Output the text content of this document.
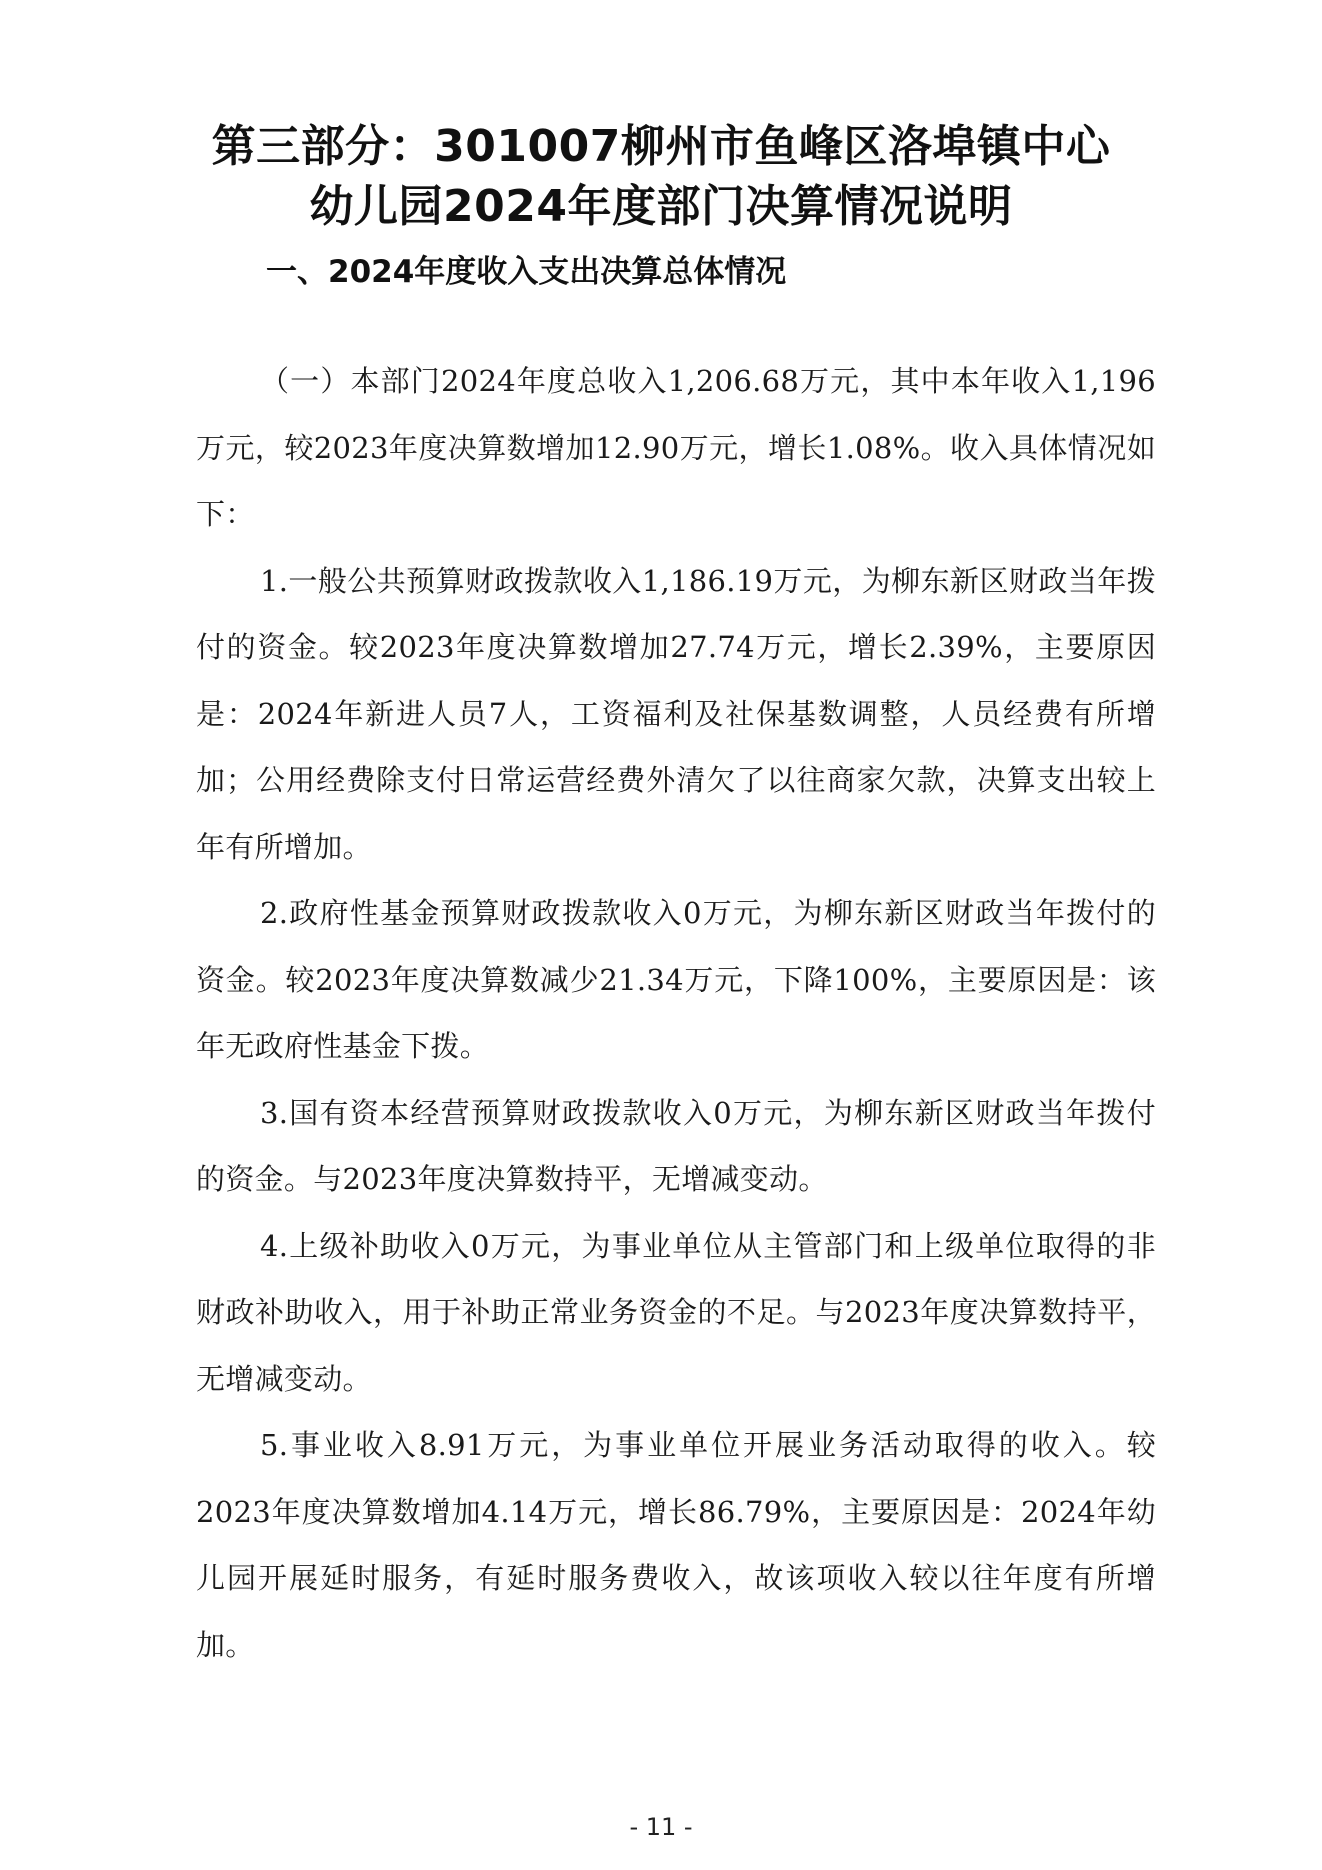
第三部分：301007柳州市鱼峰区洛埠镇中心
幼儿园2024年度部门决算情况说明
一、2024年度收入支出决算总体情况

（一）本部门2024年度总收入1,206.68万元，其中本年收入1,196万元，较2023年度决算数增加12.90万元，增长1.08%。收入具体情况如下：

1.一般公共预算财政拨款收入1,186.19万元，为柳东新区财政当年拨付的资金。较2023年度决算数增加27.74万元，增长2.39%，主要原因是：2024年新进人员7人，工资福利及社保基数调整，人员经费有所增加；公用经费除支付日常运营经费外清欠了以往商家欠款，决算支出较上年有所增加。

2.政府性基金预算财政拨款收入0万元，为柳东新区财政当年拨付的资金。较2023年度决算数减少21.34万元，下降100%，主要原因是：该年无政府性基金下拨。

3.国有资本经营预算财政拨款收入0万元，为柳东新区财政当年拨付的资金。与2023年度决算数持平，无增减变动。

4.上级补助收入0万元，为事业单位从主管部门和上级单位取得的非财政补助收入，用于补助正常业务资金的不足。与2023年度决算数持平，无增减变动。

5.事业收入8.91万元，为事业单位开展业务活动取得的收入。较2023年度决算数增加4.14万元，增长86.79%，主要原因是：2024年幼儿园开展延时服务，有延时服务费收入，故该项收入较以往年度有所增加。

- 11 -
